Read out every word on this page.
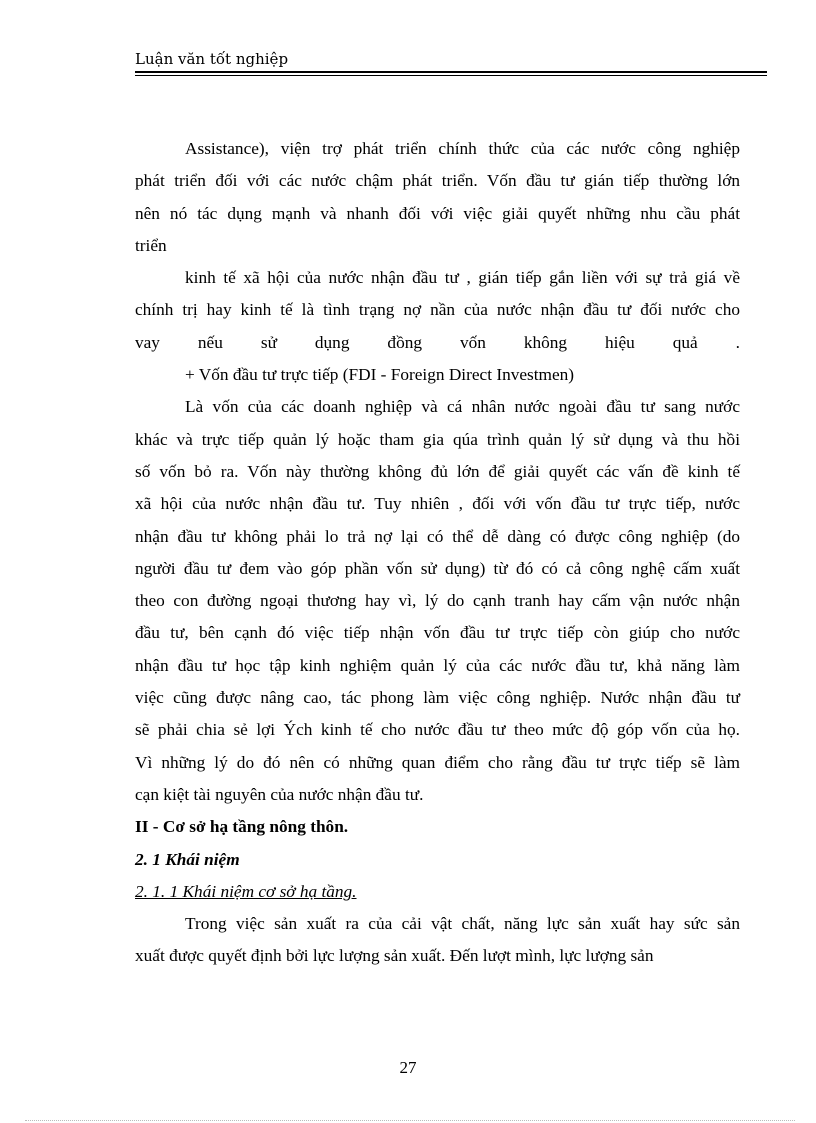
Luận văn tốt nghiệp

Assistance), viện trợ phát triển chính thức của các nước công nghiệp

phát triển đối với các nước chậm phát triển. Vốn đầu tư gián tiếp thường lớn

nên nó tác dụng mạnh và nhanh đối với việc giải quyết những nhu cầu phát

triển

kinh tế xã hội của nước nhận đầu tư , gián tiếp gắn liền với sự trả giá về

chính trị hay kinh tế là tình trạng nợ nần của nước nhận đầu tư đối nước cho

vay nếu sử dụng đồng vốn không hiệu quả .

+ Vốn đầu tư trực tiếp (FDI - Foreign Direct Investmen)

Là vốn của các doanh nghiệp và cá nhân nước ngoài đầu tư sang nước

khác và trực tiếp quản lý hoặc tham gia qúa trình quản lý sử dụng và thu hồi

số vốn bỏ ra. Vốn này thường không đủ lớn để giải quyết các vấn đề kinh tế

xã hội của nước nhận đầu tư. Tuy nhiên , đối với vốn đầu tư trực tiếp, nước

nhận đầu tư không phải lo trả nợ lại có thể dễ dàng có được công nghiệp (do

người đầu tư đem vào góp phần vốn sử dụng) từ đó có cả công nghệ cấm xuất

theo con đường ngoại thương hay vì, lý do cạnh tranh hay cấm vận nước nhận

đầu tư, bên cạnh đó việc tiếp nhận vốn đầu tư trực tiếp còn giúp cho nước

nhận đầu tư học tập kinh nghiệm quản lý của các nước đầu tư, khả năng làm

việc cũng được nâng cao, tác phong làm việc công nghiệp. Nước nhận đầu tư

sẽ phải chia sẻ lợi Ých kinh tế cho nước đầu tư theo mức độ góp vốn của họ.

Vì những lý do đó nên có những quan điểm cho rằng đầu tư trực tiếp sẽ làm

cạn kiệt tài nguyên của nước nhận đầu tư.

II - Cơ sở hạ tầng nông thôn.

2. 1 Khái niệm

2. 1. 1 Khái niệm cơ sở hạ tầng.

Trong việc sản xuất ra của cải vật chất, năng lực sản xuất hay sức sản

xuất được quyết định bởi lực lượng sản xuất. Đến lượt mình, lực lượng sản

27
